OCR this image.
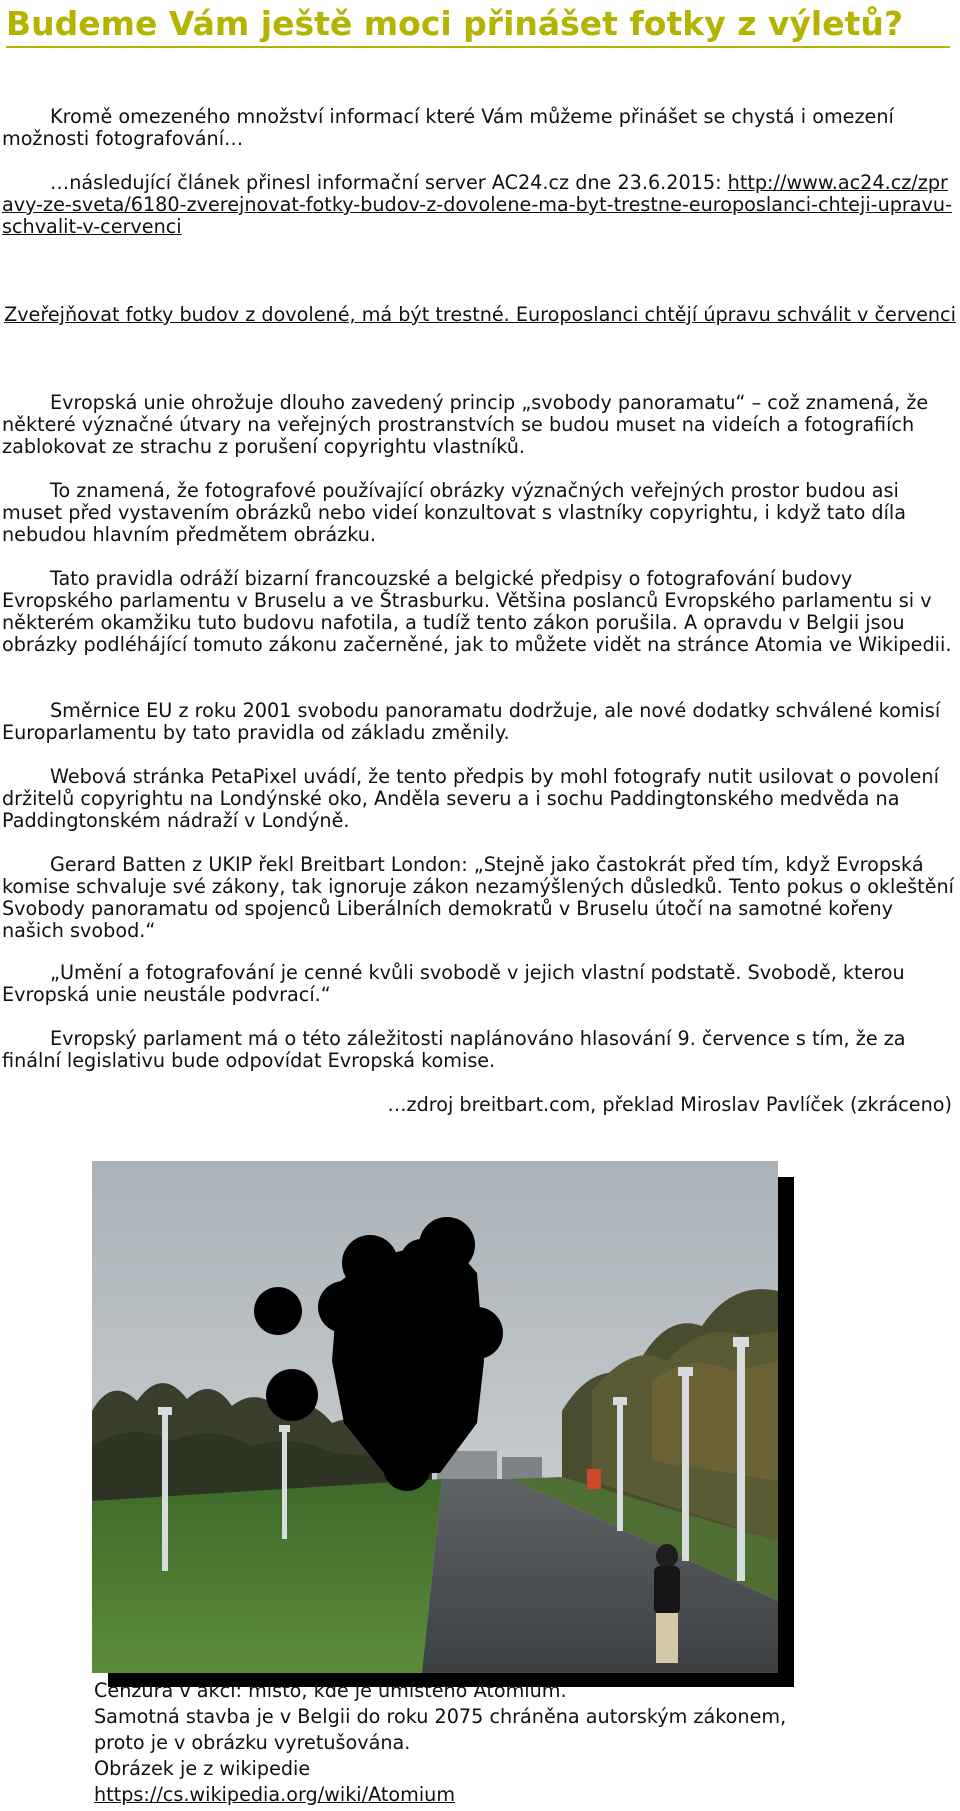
Budeme Vám ještě moci přinášet fotky z výletů?

Kromě omezeného množství informací které Vám můžeme přinášet se chystá i omezení možnosti fotografování…

…následující článek přinesl informační server AC24.cz dne 23.6.2015: http://www.ac24.cz/zpravy-ze-sveta/6180-zverejnovat-fotky-budov-z-dovolene-ma-byt-trestne-europoslanci-chteji-upravu-schvalit-v-cervenci

Zveřejňovat fotky budov z dovolené, má být trestné. Europoslanci chtějí úpravu schválit v červenci

Evropská unie ohrožuje dlouho zavedený princip „svobody panoramatu“ – což znamená, že některé význačné útvary na veřejných prostranstvích se budou muset na videích a fotografiích zablokovat ze strachu z porušení copyrightu vlastníků.

To znamená, že fotografové používající obrázky význačných veřejných prostor budou asi muset před vystavením obrázků nebo videí konzultovat s vlastníky copyrightu, i když tato díla nebudou hlavním předmětem obrázku.

Tato pravidla odráží bizarní francouzské a belgické předpisy o fotografování budovy Evropského parlamentu v Bruselu a ve Štrasburku. Většina poslanců Evropského parlamentu si v některém okamžiku tuto budovu nafotila, a tudíž tento zákon porušila. A opravdu v Belgii jsou obrázky podléhájící tomuto zákonu začerněné, jak to můžete vidět na stránce Atomia ve Wikipedii.

Směrnice EU z roku 2001 svobodu panoramatu dodržuje, ale nové dodatky schválené komisí Europarlamentu by tato pravidla od základu změnily.

Webová stránka PetaPixel uvádí, že tento předpis by mohl fotografy nutit usilovat o povolení držitelů copyrightu na Londýnské oko, Anděla severu a i sochu Paddingtonského medvěda na Paddingtonském nádraží v Londýně.

Gerard Batten z UKIP řekl Breitbart London: „Stejně jako častokrát před tím, když Evropská komise schvaluje své zákony, tak ignoruje zákon nezamýšlených důsledků. Tento pokus o okleštění Svobody panoramatu od spojenců Liberálních demokratů v Bruselu útočí na samotné kořeny našich svobod.“

„Umění a fotografování je cenné kvůli svobodě v jejich vlastní podstatě. Svobodě, kterou Evropská unie neustále podvrací.“

Evropský parlament má o této záležitosti naplánováno hlasování 9. července s tím, že za finální legislativu bude odpovídat Evropská komise.

…zdroj breitbart.com, překlad Miroslav Pavlíček (zkráceno)

Cenzura v akci: místo, kde je umístěno Atomium.
Samotná stavba je v Belgii do roku 2075 chráněna autorským zákonem,
proto je v obrázku vyretušována.
Obrázek je z wikipedie
https://cs.wikipedia.org/wiki/Atomium
